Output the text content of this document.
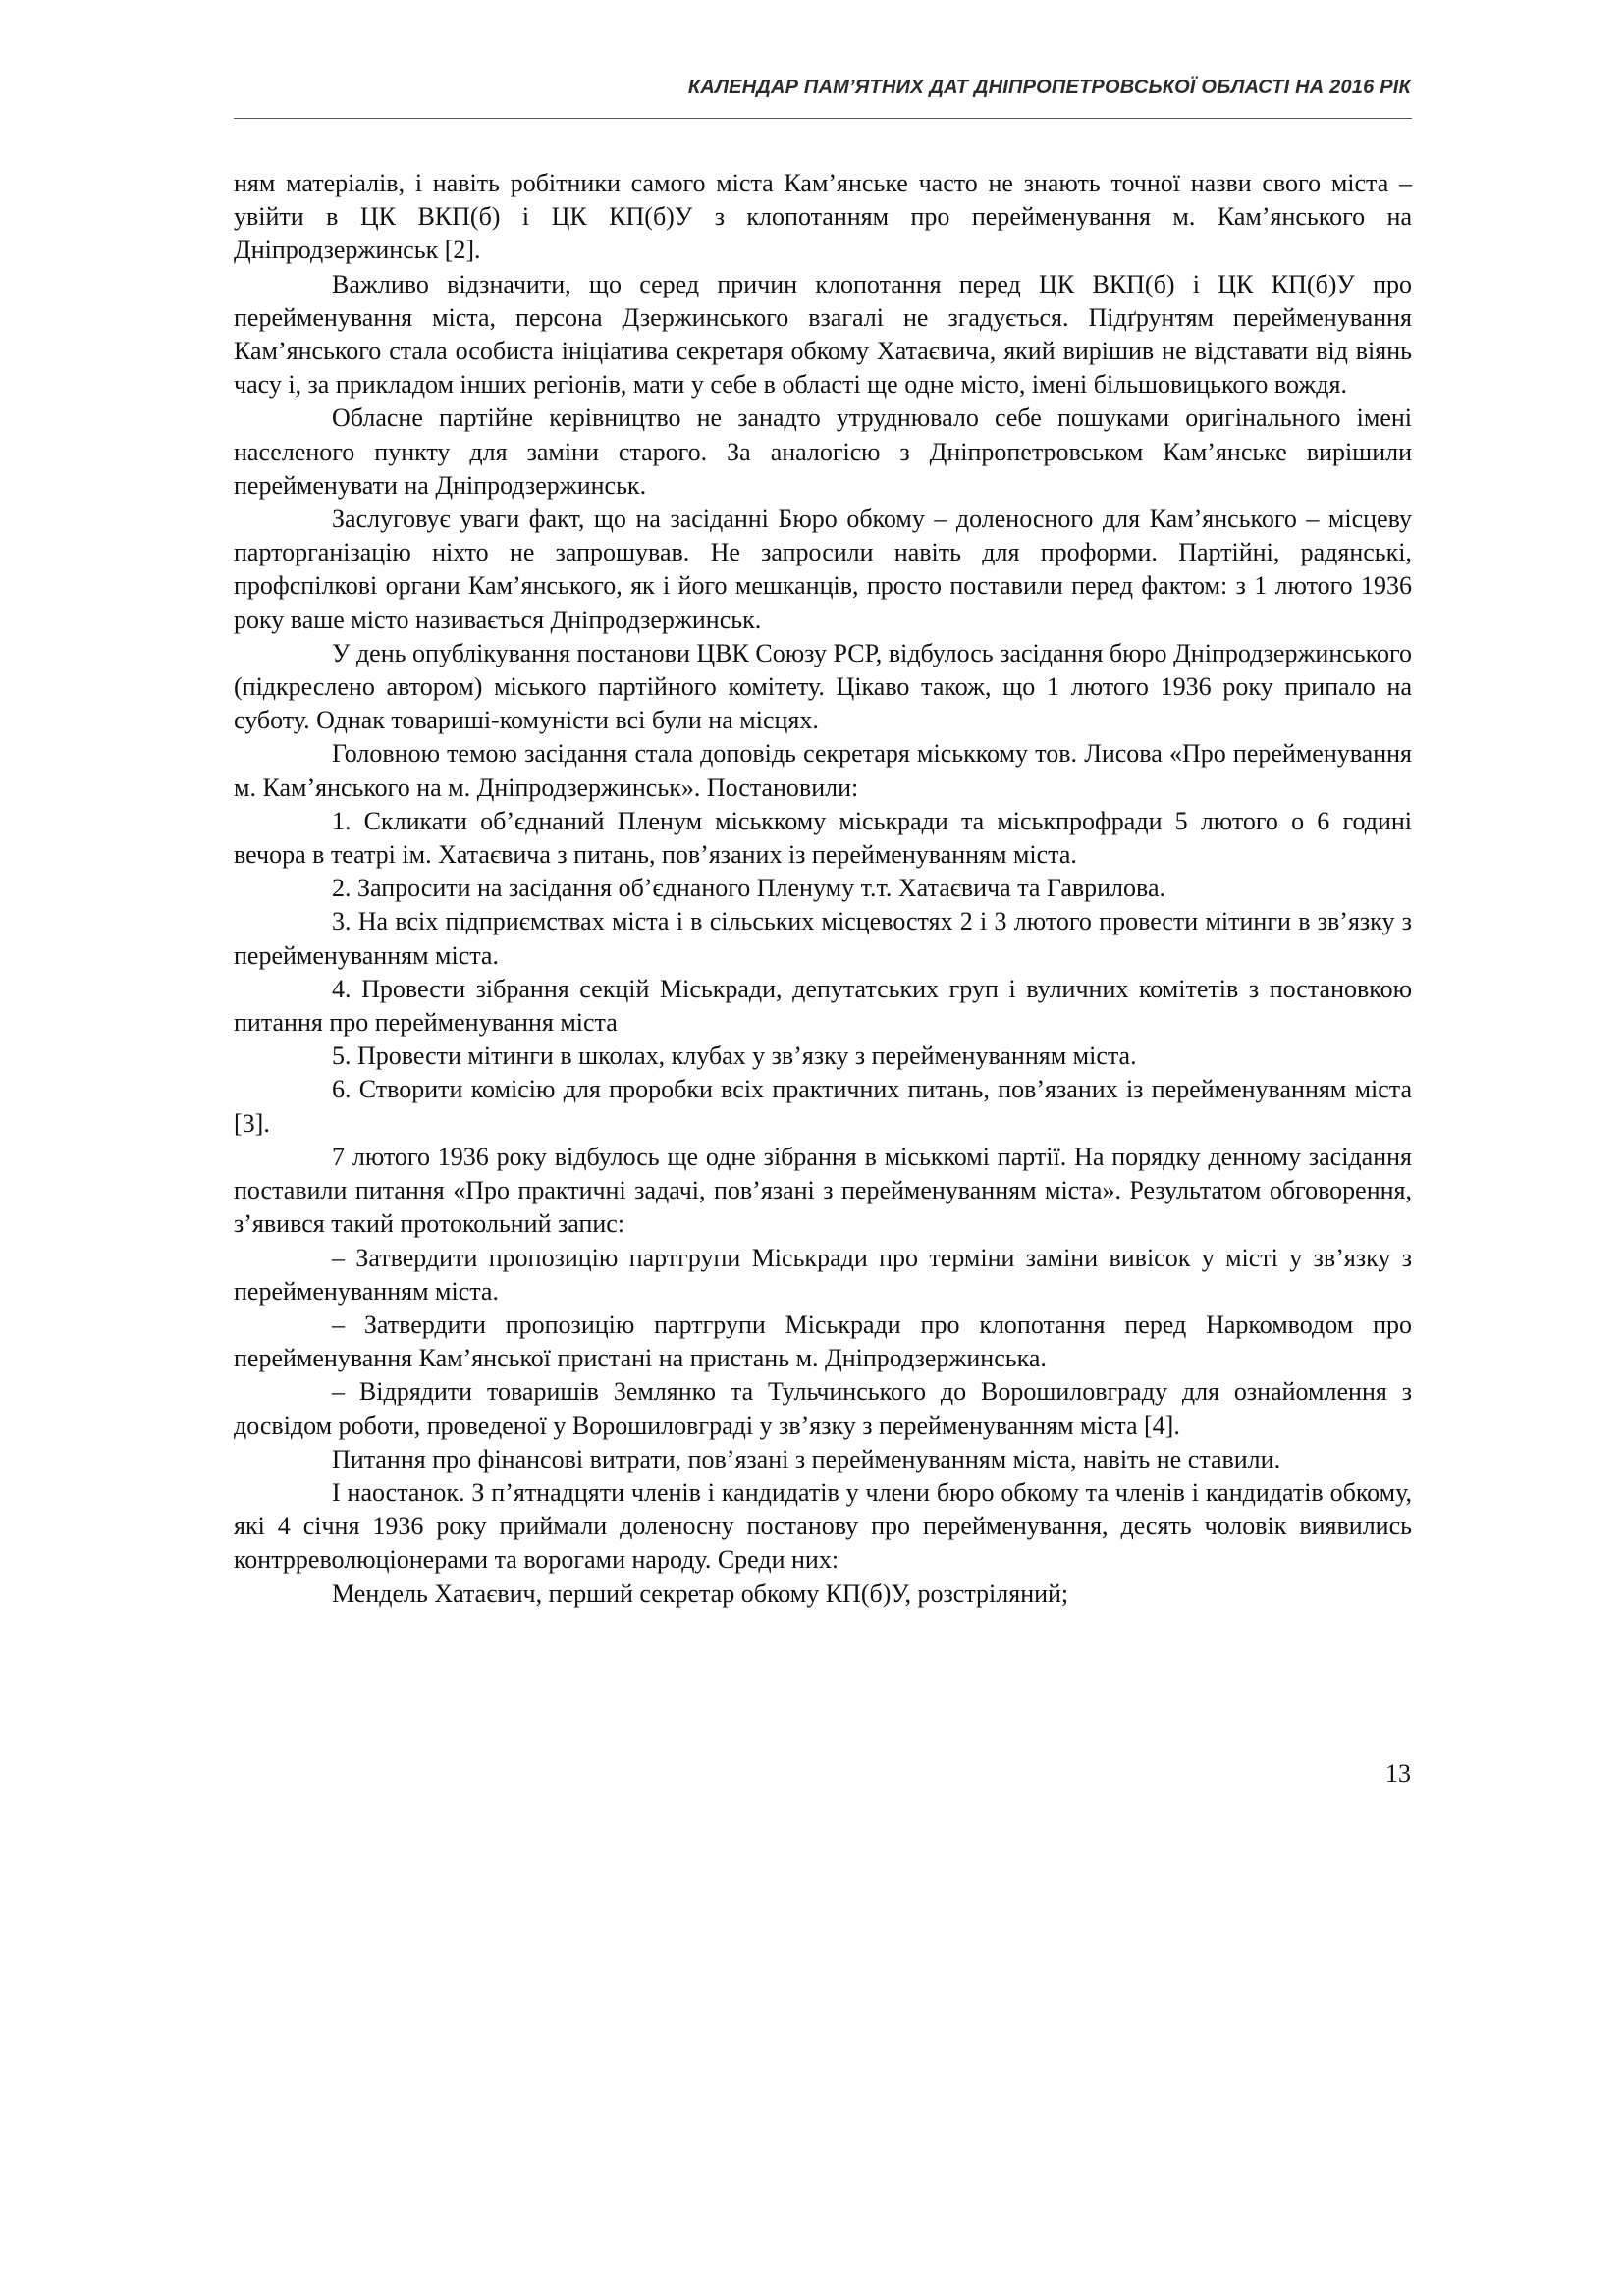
КАЛЕНДАР ПАМ’ЯТНИХ ДАТ ДНІПРОПЕТРОВСЬКОЇ ОБЛАСТІ НА 2016 РІК

ням матеріалів, і навіть робітники самого міста Кам’янське часто не знають точної назви свого міста – увійти в ЦК ВКП(б) і ЦК КП(б)У з клопотанням про перейменування м. Кам’янського на Дніпродзержинськ [2].

Важливо відзначити, що серед причин клопотання перед ЦК ВКП(б) і ЦК КП(б)У про перейменування міста, персона Дзержинського взагалі не згадується. Підґрунтям перейменування Кам’янського стала особиста ініціатива секретаря обкому Хатаєвича, який вирішив не відставати від віянь часу і, за прикладом інших регіонів, мати у себе в області ще одне місто, імені більшовицького вождя.

Обласне партійне керівництво не занадто утруднювало себе пошуками оригінального імені населеного пункту для заміни старого. За аналогією з Дніпропетровськом Кам’янське вирішили перейменувати на Дніпродзержинськ.

Заслуговує уваги факт, що на засіданні Бюро обкому – доленосного для Кам’янського – місцеву парторганізацію ніхто не запрошував. Не запросили навіть для проформи. Партійні, радянські, профспілкові органи Кам’янського, як і його мешканців, просто поставили перед фактом: з 1 лютого 1936 року ваше місто називається Дніпродзержинськ.

У день опублікування постанови ЦВК Союзу РСР, відбулось засідання бюро Дніпродзержинського (підкреслено автором) міського партійного комітету. Цікаво також, що 1 лютого 1936 року припало на суботу. Однак товариші-комуністи всі були на місцях.

Головною темою засідання стала доповідь секретаря міськкому тов. Лисова «Про перейменування м. Кам’янського на м. Дніпродзержинськ». Постановили:

1. Скликати об’єднаний Пленум міськкому міськради та міськпрофради 5 лютого о 6 годині вечора в театрі ім. Хатаєвича з питань, пов’язаних із перейменуванням міста.

2. Запросити на засідання об’єднаного Пленуму т.т. Хатаєвича та Гаврилова.

3. На всіх підприємствах міста і в сільських місцевостях 2 і 3 лютого провести мітинги в зв’язку з перейменуванням міста.

4. Провести зібрання секцій Міськради, депутатських груп і вуличних комітетів з постановкою питання про перейменування міста

5. Провести мітинги в школах, клубах у зв’язку з перейменуванням міста.

6. Створити комісію для проробки всіх практичних питань, пов’язаних із перейменуванням міста [3].

7 лютого 1936 року відбулось ще одне зібрання в міськкомі партії. На порядку денному засідання поставили питання «Про практичні задачі, пов’язані з перейменуванням міста». Результатом обговорення, з’явився такий протокольний запис:

– Затвердити пропозицію партгрупи Міськради про терміни заміни вивісок у місті у зв’язку з перейменуванням міста.

– Затвердити пропозицію партгрупи Міськради про клопотання перед Наркомводом про перейменування Кам’янської пристані на пристань м. Дніпродзержинська.

– Відрядити товаришів Землянко та Тульчинського до Ворошиловграду для ознайомлення з досвідом роботи, проведеної у Ворошиловграді у зв’язку з перейменуванням міста [4].

Питання про фінансові витрати, пов’язані з перейменуванням міста, навіть не ставили.

І наостанок. З п’ятнадцяти членів і кандидатів у члени бюро обкому та членів і кандидатів обкому, які 4 січня 1936 року приймали доленосну постанову про перейменування, десять чоловік виявились контрреволюціонерами та ворогами народу. Среди них:

Мендель Хатаєвич, перший секретар обкому КП(б)У, розстріляний;

13
